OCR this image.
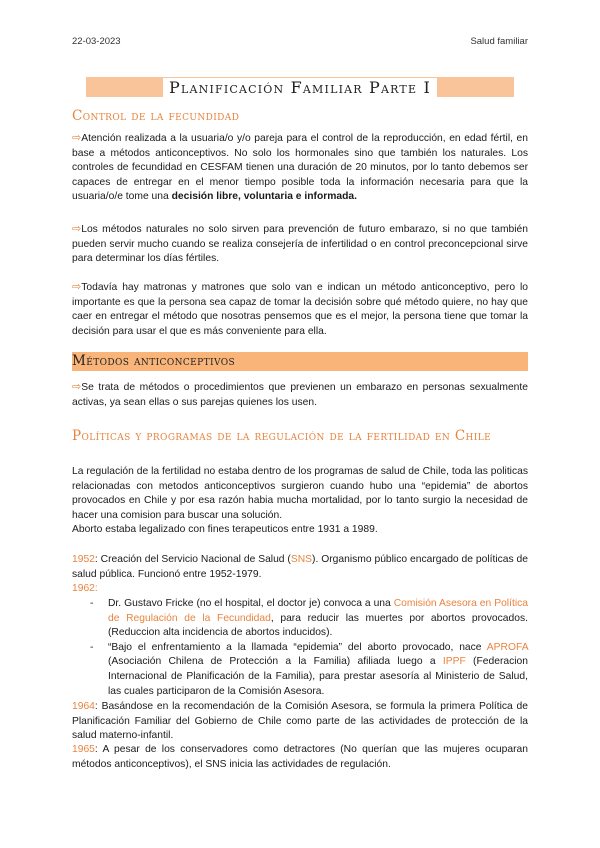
22-03-2023	Salud familiar
Planificación Familiar Parte I
Control de la fecundidad
⇨Atención realizada a la usuaria/o y/o pareja para el control de la reproducción, en edad fértil, en base a métodos anticonceptivos. No solo los hormonales sino que también los naturales. Los controles de fecundidad en CESFAM tienen una duración de 20 minutos, por lo tanto debemos ser capaces de entregar en el menor tiempo posible toda la información necesaria para que la usuaria/o/e tome una decisión libre, voluntaria e informada.
⇨Los métodos naturales no solo sirven para prevención de futuro embarazo, si no que también pueden servir mucho cuando se realiza consejería de infertilidad o en control preconcepcional sirve para determinar los días fértiles.
⇨Todavía hay matronas y matrones que solo van e indican un método anticonceptivo, pero lo importante es que la persona sea capaz de tomar la decisión sobre qué método quiere, no hay que caer en entregar el método que nosotras pensemos que es el mejor, la persona tiene que tomar la decisión para usar el que es más conveniente para ella.
Métodos anticonceptivos
⇨Se trata de métodos o procedimientos que previenen un embarazo en personas sexualmente activas, ya sean ellas o sus parejas quienes los usen.
Políticas y programas de la regulación de la fertilidad en Chile
La regulación de la fertilidad no estaba dentro de los programas de salud de Chile, toda las politicas relacionadas con metodos anticonceptivos surgieron cuando hubo una “epidemia” de abortos provocados en Chile y por esa razón habia mucha mortalidad, por lo tanto surgio la necesidad de hacer una comision para buscar una solución.
Aborto estaba legalizado con fines terapeuticos entre 1931 a 1989.
1952: Creación del Servicio Nacional de Salud (SNS). Organismo público encargado de políticas de salud pública. Funcionó entre 1952-1979.
1962:
-	Dr. Gustavo Fricke (no el hospital, el doctor je) convoca a una Comisión Asesora en Política de Regulación de la Fecundidad, para reducir las muertes por abortos provocados. (Reduccion alta incidencia de abortos inducidos).
-	“Bajo el enfrentamiento a la llamada “epidemia” del aborto provocado, nace APROFA (Asociación Chilena de Protección a la Familia) afiliada luego a IPPF (Federacion Internacional de Planificación de la Familia), para prestar asesoría al Ministerio de Salud, las cuales participaron de la Comisión Asesora.
1964: Basándose en la recomendación de la Comisión Asesora, se formula la primera Política de Planificación Familiar del Gobierno de Chile como parte de las actividades de protección de la salud materno-infantil.
1965: A pesar de los conservadores como detractores (No querían que las mujeres ocuparan métodos anticonceptivos), el SNS inicia las actividades de regulación.
